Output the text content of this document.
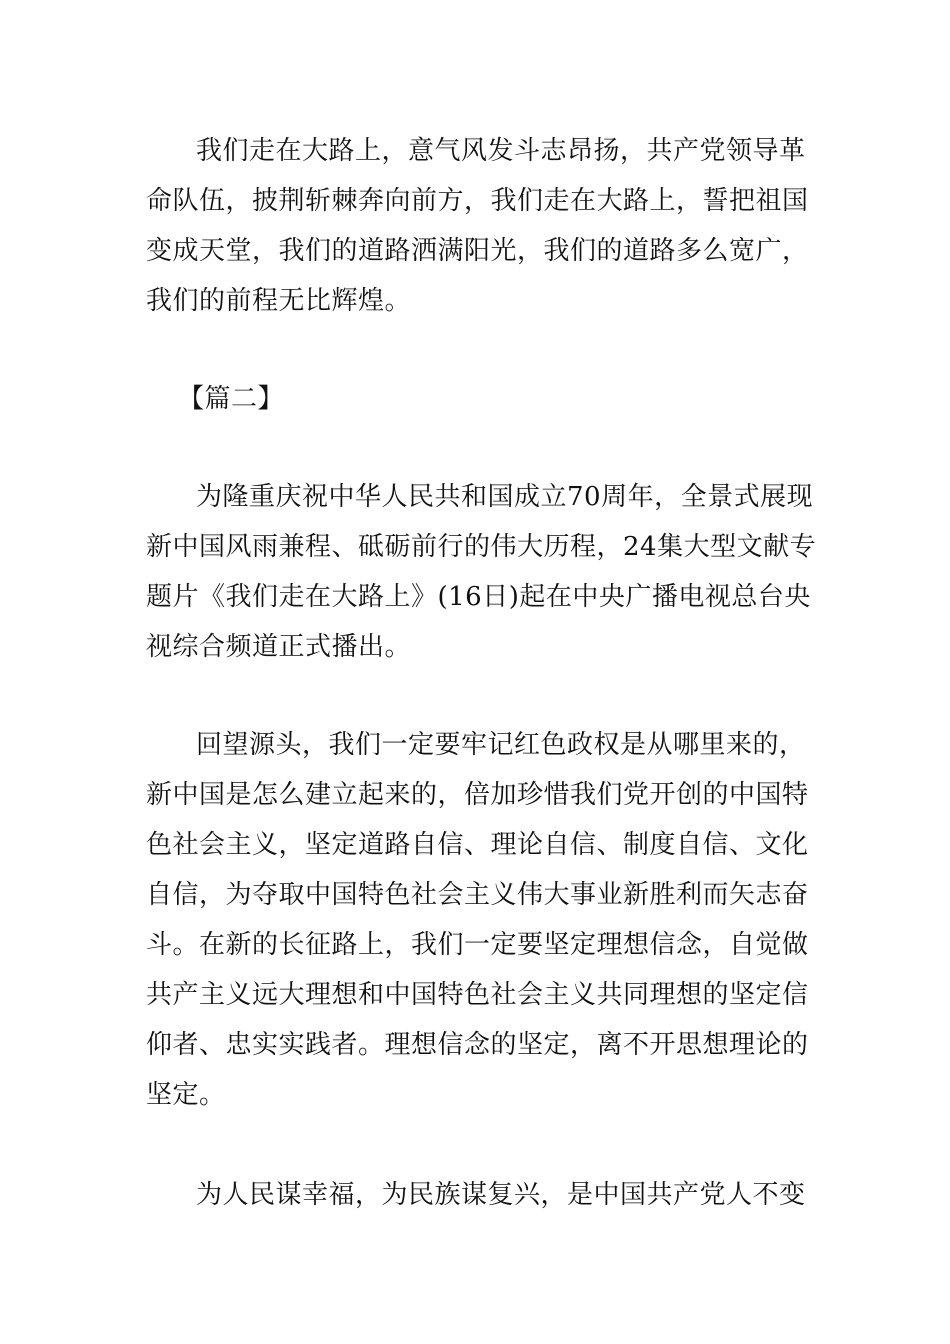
我们走在大路上，意气风发斗志昂扬，共产党领导革
命队伍，披荆斩棘奔向前方，我们走在大路上，誓把祖国
变成天堂，我们的道路洒满阳光，我们的道路多么宽广，
我们的前程无比辉煌。
【篇二】
为隆重庆祝中华人民共和国成立70周年，全景式展现
新中国风雨兼程、砥砺前行的伟大历程，24集大型文献专
题片《我们走在大路上》(16日)起在中央广播电视总台央
视综合频道正式播出。
回望源头，我们一定要牢记红色政权是从哪里来的，
新中国是怎么建立起来的，倍加珍惜我们党开创的中国特
色社会主义，坚定道路自信、理论自信、制度自信、文化
自信，为夺取中国特色社会主义伟大事业新胜利而矢志奋
斗。在新的长征路上，我们一定要坚定理想信念，自觉做
共产主义远大理想和中国特色社会主义共同理想的坚定信
仰者、忠实实践者。理想信念的坚定，离不开思想理论的
坚定。
为人民谋幸福，为民族谋复兴，是中国共产党人不变
